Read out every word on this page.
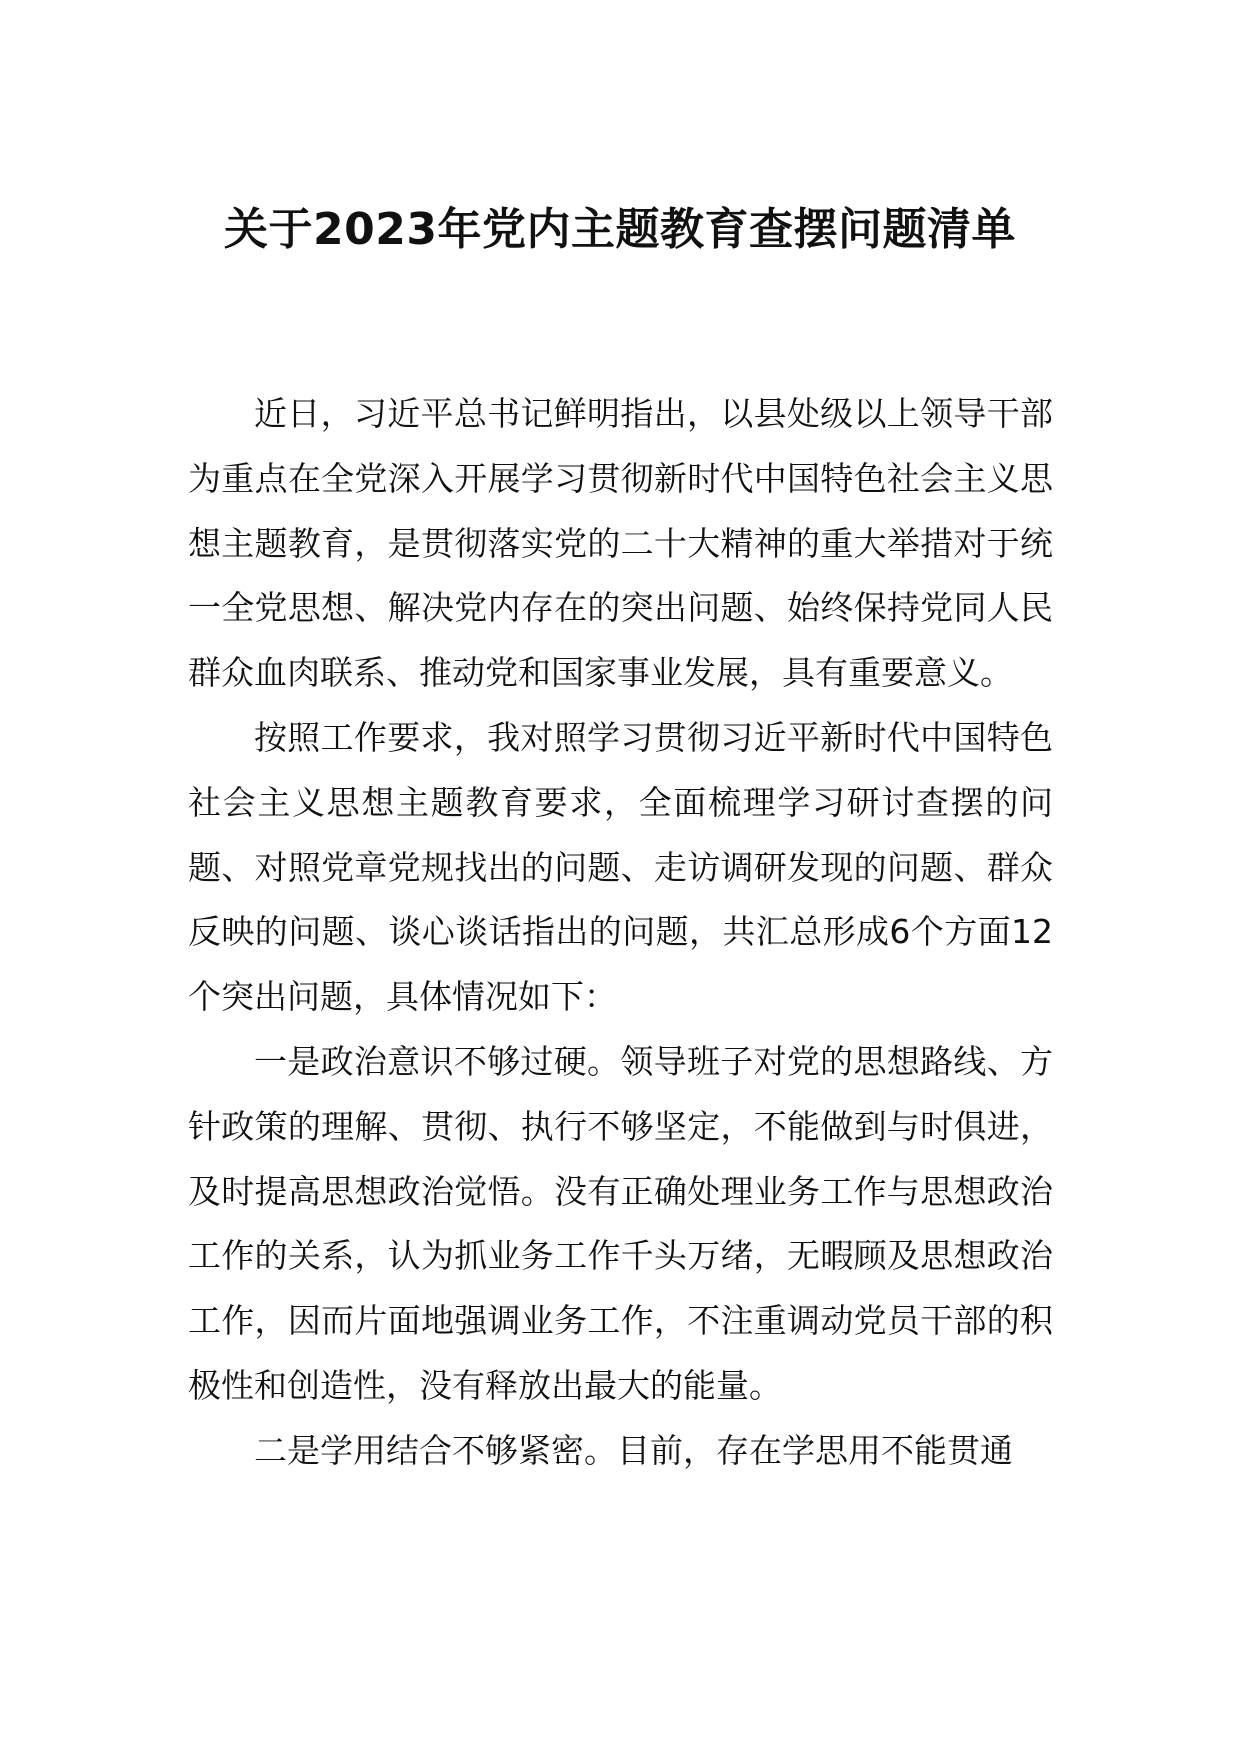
关于2023年党内主题教育查摆问题清单

近日，习近平总书记鲜明指出，以县处级以上领导干部为重点在全党深入开展学习贯彻新时代中国特色社会主义思想主题教育，是贯彻落实党的二十大精神的重大举措对于统一全党思想、解决党内存在的突出问题、始终保持党同人民群众血肉联系、推动党和国家事业发展，具有重要意义。

按照工作要求，我对照学习贯彻习近平新时代中国特色社会主义思想主题教育要求，全面梳理学习研讨查摆的问题、对照党章党规找出的问题、走访调研发现的问题、群众反映的问题、谈心谈话指出的问题，共汇总形成6个方面12个突出问题，具体情况如下：

一是政治意识不够过硬。领导班子对党的思想路线、方针政策的理解、贯彻、执行不够坚定，不能做到与时俱进，及时提高思想政治觉悟。没有正确处理业务工作与思想政治工作的关系，认为抓业务工作千头万绪，无暇顾及思想政治工作，因而片面地强调业务工作，不注重调动党员干部的积极性和创造性，没有释放出最大的能量。

二是学用结合不够紧密。目前，存在学思用不能贯通
